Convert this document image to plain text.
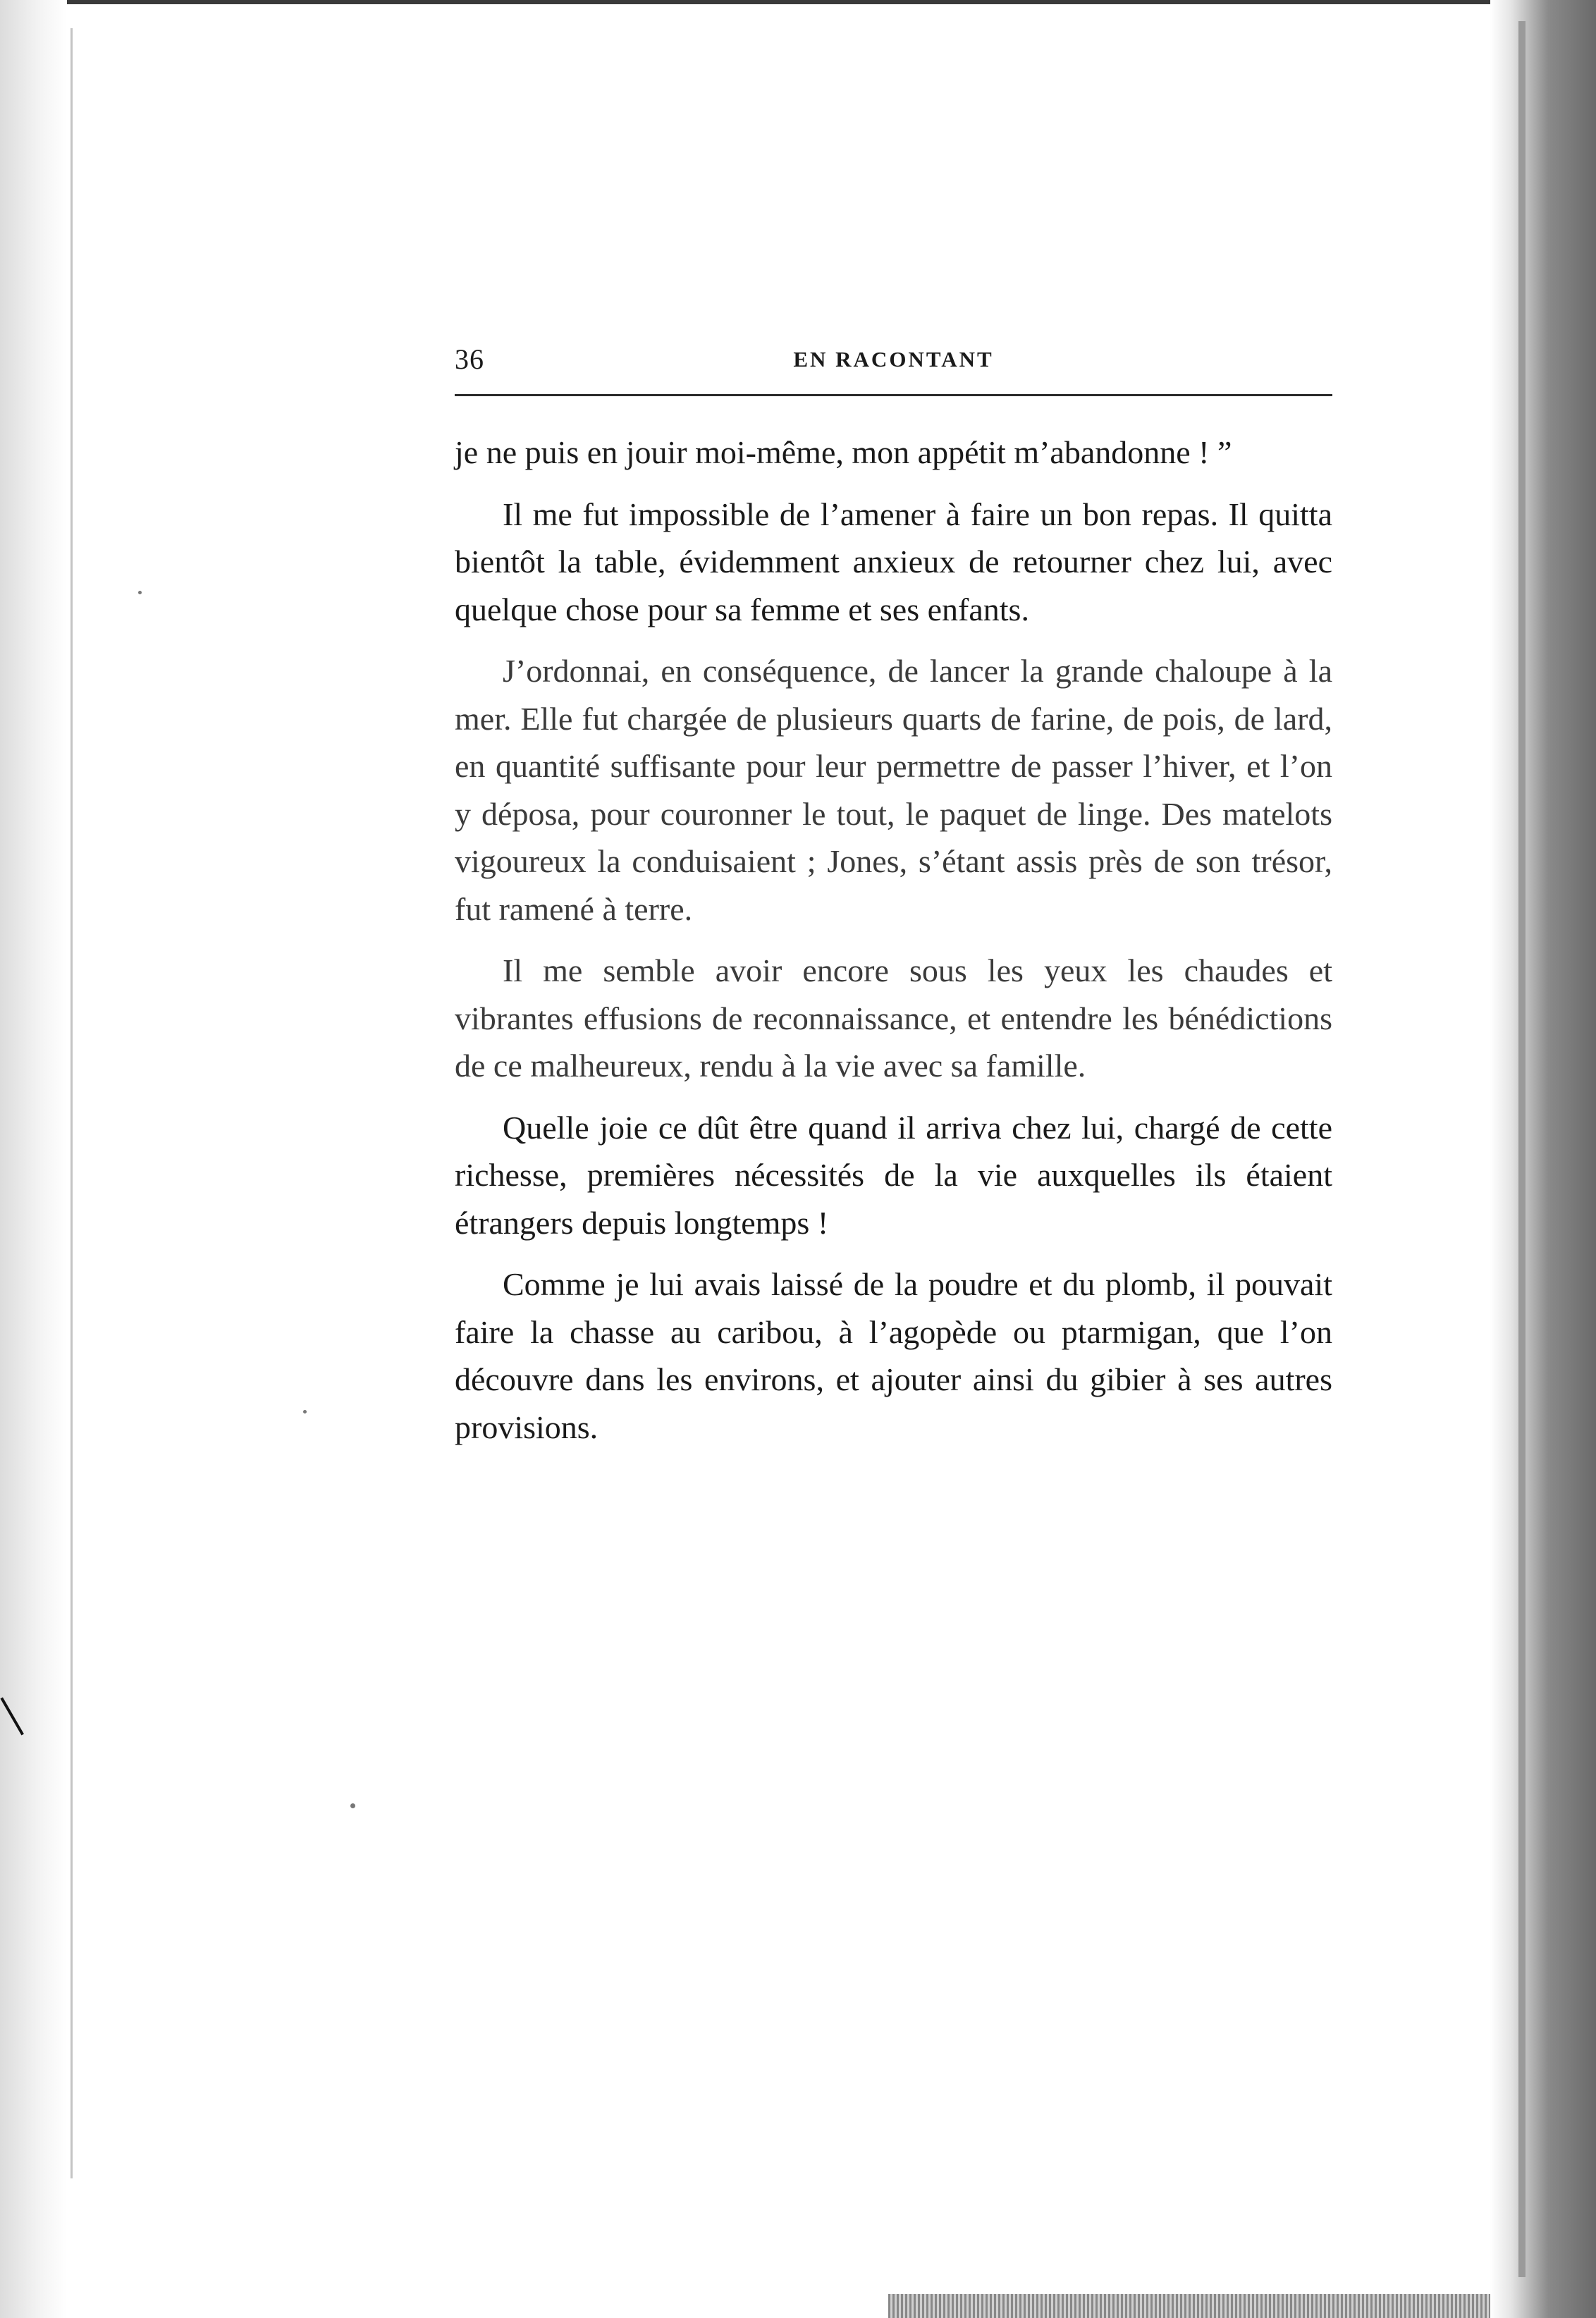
36	EN RACONTANT

je ne puis en jouir moi-même, mon appétit m’abandonne ! ”

Il me fut impossible de l’amener à faire un bon repas. Il quitta bientôt la table, évidemment anxieux de retourner chez lui, avec quelque chose pour sa femme et ses enfants.

J’ordonnai, en conséquence, de lancer la grande chaloupe à la mer. Elle fut chargée de plusieurs quarts de farine, de pois, de lard, en quantité suffisante pour leur permettre de passer l’hiver, et l’on y déposa, pour couronner le tout, le paquet de linge. Des matelots vigoureux la conduisaient ; Jones, s’étant assis près de son trésor, fut ramené à terre.

Il me semble avoir encore sous les yeux les chaudes et vibrantes effusions de reconnaissance, et entendre les bénédictions de ce malheureux, rendu à la vie avec sa famille.

Quelle joie ce dût être quand il arriva chez lui, chargé de cette richesse, premières nécessités de la vie auxquelles ils étaient étrangers depuis longtemps !

Comme je lui avais laissé de la poudre et du plomb, il pouvait faire la chasse au caribou, à l’agopède ou ptarmigan, que l’on découvre dans les environs, et ajouter ainsi du gibier à ses autres provisions.
